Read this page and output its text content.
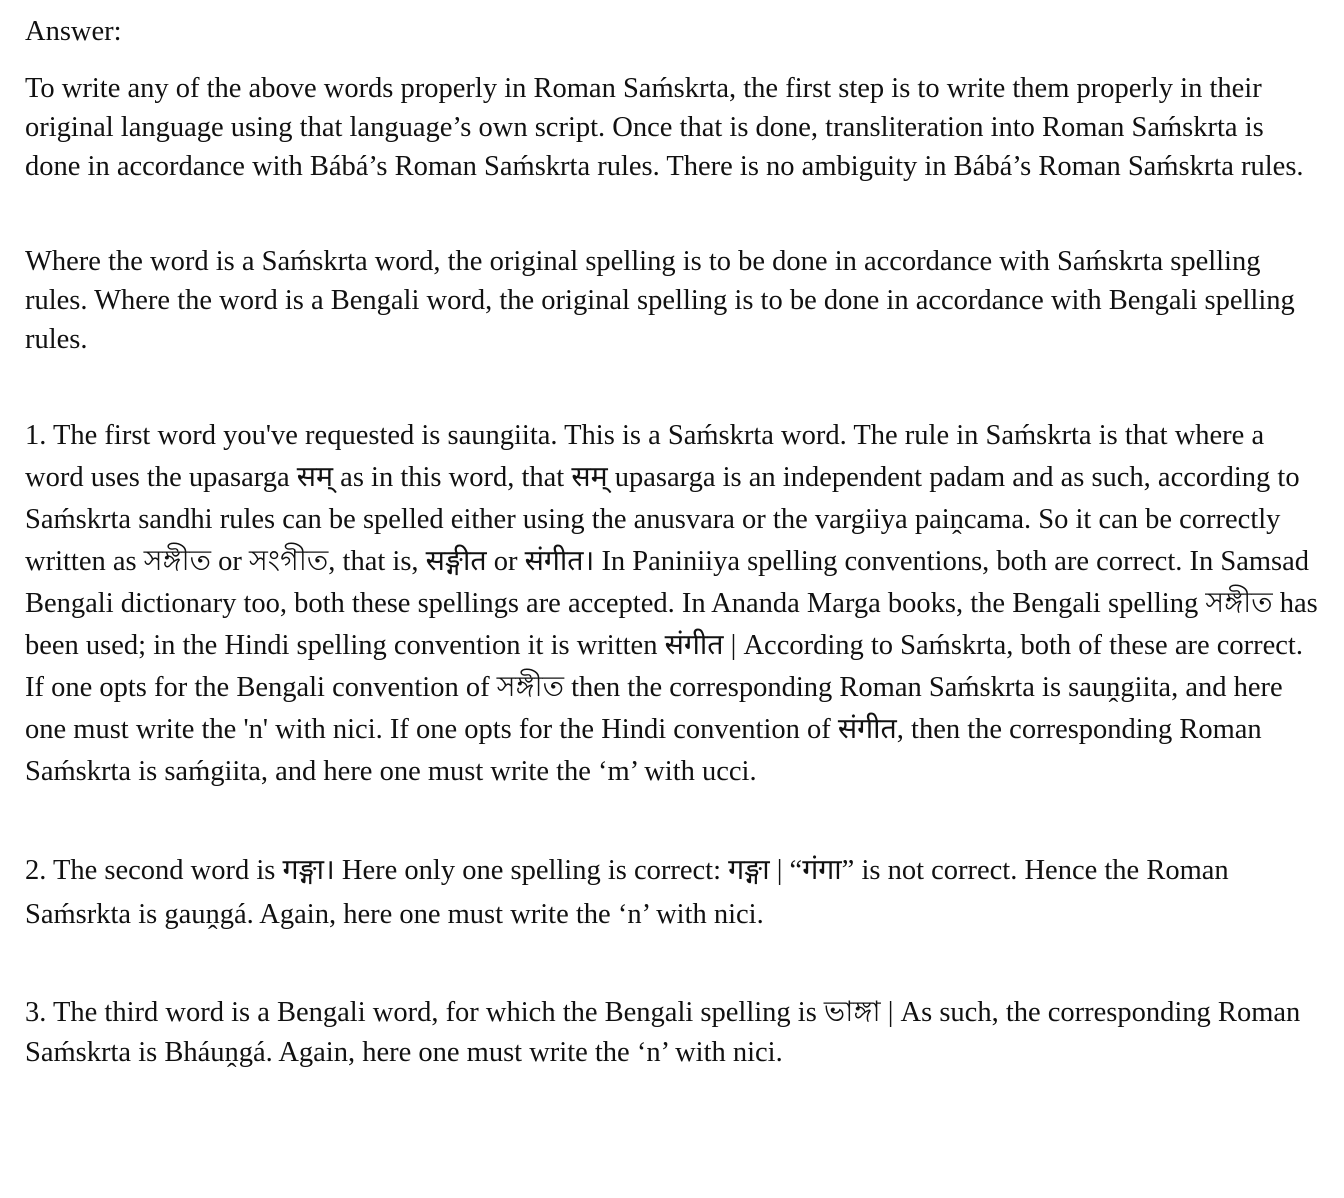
Answer:

To write any of the above words properly in Roman Saḿskrta, the first step is to write them properly in their original language using that language’s own script. Once that is done, transliteration into Roman Saḿskrta is done in accordance with Bábá’s Roman Saḿskrta rules. There is no ambiguity in Bábá’s Roman Saḿskrta rules.

Where the word is a Saḿskrta word, the original spelling is to be done in accordance with Saḿskrta spelling rules. Where the word is a Bengali word, the original spelling is to be done in accordance with Bengali spelling rules.

1. The first word you've requested is saungiita. This is a Saḿskrta word. The rule in Saḿskrta is that where a word uses the upasarga सम् as in this word, that सम् upasarga is an independent padam and as such, according to Saḿskrta sandhi rules can be spelled either using the anusvara or the vargiiya paiṋcama. So it can be correctly written as সঙ্গীত or সংগীত, that is, सङ्गीत or संगीत। In Paniniiya spelling conventions, both are correct. In Samsad Bengali dictionary too, both these spellings are accepted. In Ananda Marga books, the Bengali spelling সঙ্গীত has been used; in the Hindi spelling convention it is written संगीत | According to Saḿskrta, both of these are correct. If one opts for the Bengali convention of সঙ্গীত then the corresponding Roman Saḿskrta is sauṋgiita, and here one must write the 'n' with nici. If one opts for the Hindi convention of संगीत, then the corresponding Roman Saḿskrta is saḿgiita, and here one must write the ‘m’ with ucci.

2. The second word is गङ्गा। Here only one spelling is correct: गङ्गा | “गंगा” is not correct. Hence the Roman Saḿsrkta is gauṋgá. Again, here one must write the ‘n’ with nici.

3. The third word is a Bengali word, for which the Bengali spelling is ভাঙ্গা | As such, the corresponding Roman Saḿskrta is Bháuṋgá. Again, here one must write the ‘n’ with nici.
